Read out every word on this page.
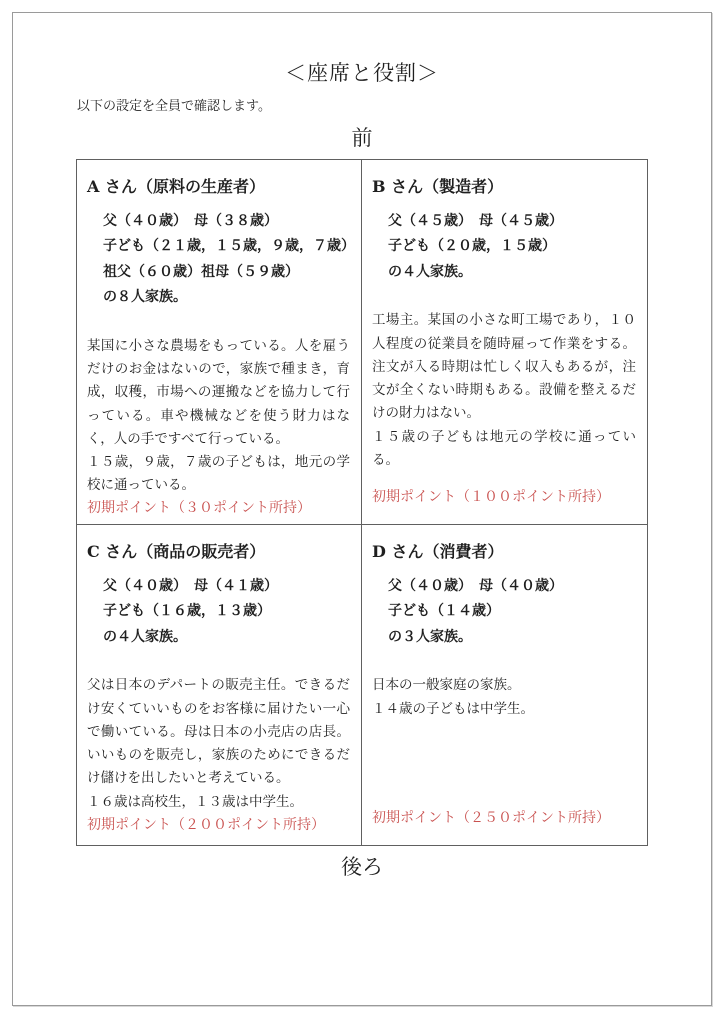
＜座席と役割＞
以下の設定を全員で確認します。
前
A さん（原料の生産者）
父（４０歳）　母（３８歳）
子ども（２１歳，１５歳，９歳，７歳）
祖父（６０歳）祖母（５９歳）
の８人家族。
某国に小さな農場をもっている。人を雇うだけのお金はないので，家族で種まき，育成，収穫，市場への運搬などを協力して行っている。車や機械などを使う財力はなく，人の手ですべて行っている。
１５歳，９歳，７歳の子どもは，地元の学校に通っている。
初期ポイント（３０ポイント所持）
B さん（製造者）
父（４５歳）　母（４５歳）
子ども（２０歳，１５歳）
の４人家族。
工場主。某国の小さな町工場であり，１０人程度の従業員を随時雇って作業をする。注文が入る時期は忙しく収入もあるが，注文が全くない時期もある。設備を整えるだけの財力はない。
１５歳の子どもは地元の学校に通っている。
初期ポイント（１００ポイント所持）
C さん（商品の販売者）
父（４０歳）　母（４１歳）
子ども（１６歳，１３歳）
の４人家族。
父は日本のデパートの販売主任。できるだけ安くていいものをお客様に届けたい一心で働いている。母は日本の小売店の店長。いいものを販売し，家族のためにできるだけ儲けを出したいと考えている。
１６歳は高校生，１３歳は中学生。
初期ポイント（２００ポイント所持）
D さん（消費者）
父（４０歳）　母（４０歳）
子ども（１４歳）
の３人家族。
日本の一般家庭の家族。
１４歳の子どもは中学生。
初期ポイント（２５０ポイント所持）
後ろ
